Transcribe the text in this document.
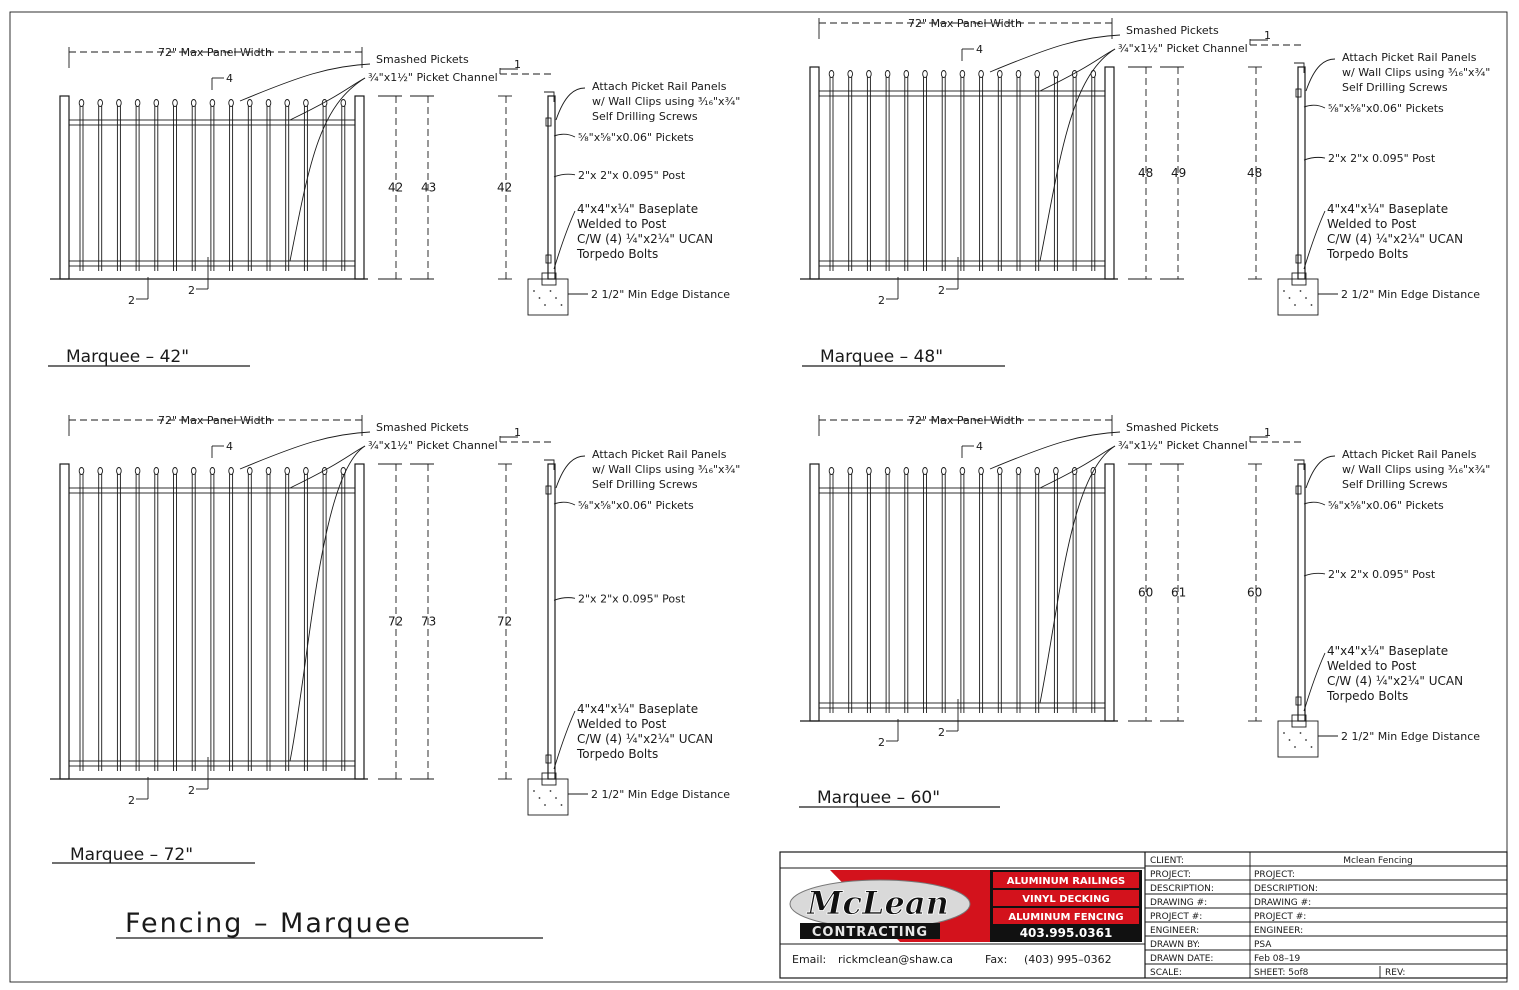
72" Max Panel Width
Smashed Pickets
¾"x1½" Picket Channel
4
2
2
42 43
1
42
Attach Picket Rail Panels
w/ Wall Clips using ³⁄₁₆"x¾"
Self Drilling Screws
⁵⁄₈"x⁵⁄₈"x0.06" Pickets
2"x 2"x 0.095" Post
4"x4"x¼" Baseplate
Welded to Post
C/W (4) ¼"x2¼" UCAN
Torpedo Bolts
2 1/2" Min Edge Distance
Marquee – 42"
72" Max Panel Width
Smashed Pickets
¾"x1½" Picket Channel
4
2
2
48 49
1
48
Attach Picket Rail Panels
w/ Wall Clips using ³⁄₁₆"x¾"
Self Drilling Screws
⁵⁄₈"x⁵⁄₈"x0.06" Pickets
2"x 2"x 0.095" Post
4"x4"x¼" Baseplate
Welded to Post
C/W (4) ¼"x2¼" UCAN
Torpedo Bolts
2 1/2" Min Edge Distance
Marquee – 48"
72" Max Panel Width
Smashed Pickets
¾"x1½" Picket Channel
4
2
2
72 73
1
72
Attach Picket Rail Panels
w/ Wall Clips using ³⁄₁₆"x¾"
Self Drilling Screws
⁵⁄₈"x⁵⁄₈"x0.06" Pickets
2"x 2"x 0.095" Post
4"x4"x¼" Baseplate
Welded to Post
C/W (4) ¼"x2¼" UCAN
Torpedo Bolts
2 1/2" Min Edge Distance
Marquee – 72"
72" Max Panel Width
Smashed Pickets
¾"x1½" Picket Channel
4
2
2
60 61
1
60
Attach Picket Rail Panels
w/ Wall Clips using ³⁄₁₆"x¾"
Self Drilling Screws
⁵⁄₈"x⁵⁄₈"x0.06" Pickets
2"x 2"x 0.095" Post
4"x4"x¼" Baseplate
Welded to Post
C/W (4) ¼"x2¼" UCAN
Torpedo Bolts
2 1/2" Min Edge Distance
Marquee – 60"
Fencing – Marquee
CLIENT:	Mclean Fencing
PROJECT:	PROJECT:
DESCRIPTION:	DESCRIPTION:
DRAWING #:	DRAWING #:
PROJECT #:	PROJECT #:
ENGINEER:	ENGINEER:
DRAWN BY:	PSA
DRAWN DATE:	Feb 08–19
SCALE:	SHEET: 5of8	REV:
McLean
CONTRACTING
ALUMINUM RAILINGS
VINYL DECKING
ALUMINUM FENCING
403.995.0361
Email: rickmclean@shaw.ca	Fax: (403) 995–0362
